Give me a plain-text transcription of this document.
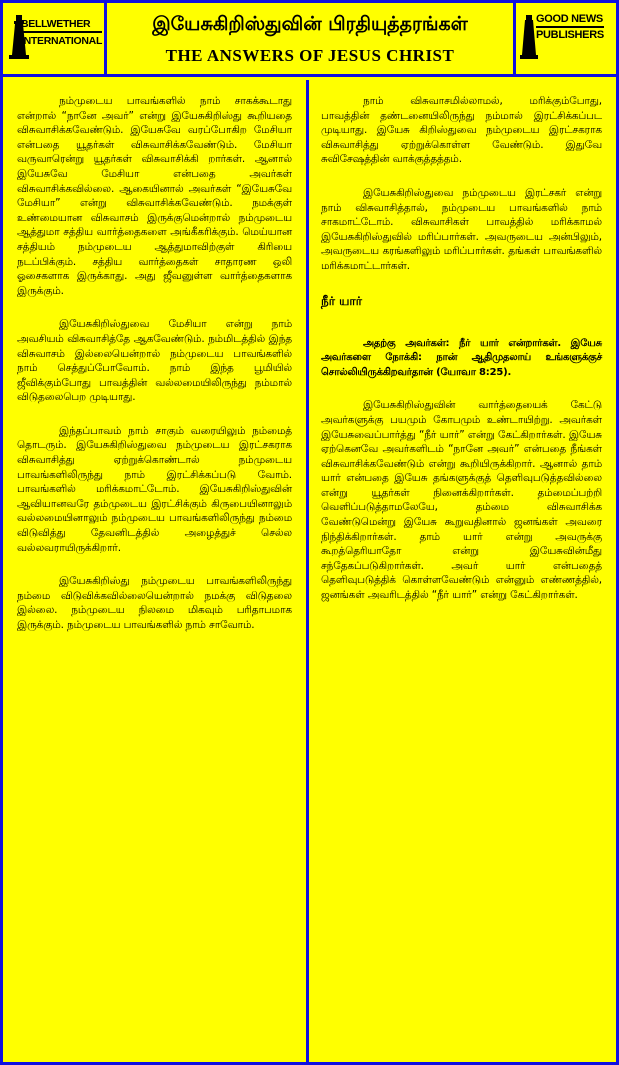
BELLWETHER
INTERNATIONAL
இயேசுகிறிஸ்துவின் பிரதியுத்தரங்கள்
THE ANSWERS OF JESUS CHRIST
GOOD NEWS
PUBLISHERS

நம்முடைய பாவங்களில் நாம் சாகக்கூடாது என்றால் “நானே அவர்” என்று இயேசுகிறிஸ்து கூறியதை விசுவாசிக்கவேண்டும். இயேசுவே வரப்போகிற மேசியா என்பதை யூதர்கள் விசுவாசிக்கவேண்டும். மேசியா வருவாரென்று யூதர்கள் விசுவாசிக்கி றார்கள். ஆனால் இயேசுவே மேசியா என்பதை அவர்கள் விசுவாசிக்கவில்லை. ஆகையினால் அவர்கள் “இயேசுவே மேசியா” என்று விசுவாசிக்கவேண்டும். நமக்குள் உண்மையான விசுவாசம் இருக்குமென்றால் நம்முடைய ஆத்துமா சத்திய வார்த்தைகளை அங்கீகரிக்கும். மெய்யான சத்தியம் நம்முடைய ஆத்துமாவிற்குள் கிரியை நடப்பிக்கும். சத்திய வார்த்தைகள் சாதாரண ஒலி ஓசைகளாக இருக்காது. அது ஜீவனுள்ள வார்த்தைகளாக இருக்கும்.

இயேசுகிறிஸ்துவை மேசியா என்று நாம் அவசியம் விசுவாசித்தே ஆகவேண்டும். நம்மிடத்தில் இந்த விசுவாசம் இல்லையென்றால் நம்முடைய பாவங்களில் நாம் செத்துப்போவோம். நாம் இந்த பூமியில் ஜீவிக்கும்போது பாவத்தின் வல்லமையிலிருந்து நம்மால் விடுதலைபெற முடியாது.

இந்தப்பாவம் நாம் சாகும் வரையிலும் நம்மைத் தொடரும். இயேசுகிறிஸ்துவை நம்முடைய இரட்சகராக விசுவாசித்து ஏற்றுக்கொண்டால் நம்முடைய பாவங்களிலிருந்து நாம் இரட்சிக்கப்படு வோம். பாவங்களில் மரிக்கமாட்டோம். இயேசுகிறிஸ்துவின் ஆவியானவரே தம்முடைய இரட்சிக்கும் கிருபையினாலும் வல்லமையினாலும் நம்முடைய பாவங்களிலிருந்து நம்மை விடுவித்து தேவனிடத்தில் அழைத்துச் செல்ல வல்லவராயிருக்கிறார்.

இயேசுகிறிஸ்து நம்முடைய பாவங்களிலிருந்து நம்மை விடுவிக்கவில்லையென்றால் நமக்கு விடுதலை இல்லை. நம்முடைய நிலமை மிகவும் பரிதாபமாக இருக்கும். நம்முடைய பாவங்களில் நாம் சாவோம்.

நாம் விசுவாசமில்லாமல், மரிக்கும்போது, பாவத்தின் தண்டனையிலிருந்து நம்மால் இரட்சிக்கப்பட முடியாது. இயேசு கிறிஸ்துவை நம்முடைய இரட்சகராக விசுவாசித்து ஏற்றுக்கொள்ள வேண்டும். இதுவே சுவிசேஷத்தின் வாக்குத்தத்தம்.

இயேசுகிறிஸ்துவை நம்முடைய இரட்சகர் என்று நாம் விசுவாசித்தால், நம்முடைய பாவங்களில் நாம் சாகமாட்டோம். விசுவாசிகள் பாவத்தில் மரிக்காமல் இயேசுகிறிஸ்துவில் மரிப்பார்கள். அவருடைய அன்பிலும், அவருடைய கரங்களிலும் மரிப்பார்கள். தங்கள் பாவங்களில் மரிக்கமாட்டார்கள்.

நீர் யார்

அதற்கு அவர்கள்: நீர் யார் என்றார்கள். இயேசு அவர்களை நோக்கி: நான் ஆதிமுதலாய் உங்களுக்குச் சொல்லியிருக்கிறவர்தான் (யோவா 8:25).

இயேசுகிறிஸ்துவின் வார்த்தையைக் கேட்டு அவர்களுக்கு பயமும் கோபமும் உண்டாயிற்று. அவர்கள் இயேசுவைப்பார்த்து “நீர் யார்” என்று கேட்கிறார்கள். இயேசு ஏற்கெனவே அவர்களிடம் “நானே அவர்” என்பதை நீங்கள் விசுவாசிக்கவேண்டும் என்று கூறியிருக்கிறார். ஆனால் தாம் யார் என்பதை இயேசு தங்களுக்குத் தெளிவுபடுத்தவில்லை என்று யூதர்கள் நினைக்கிறார்கள். தம்மைப்பற்றி வெளிப்படுத்தாமலேயே, தம்மை விசுவாசிக்க வேண்டுமென்று இயேசு கூறுவதினால் ஜனங்கள் அவரை நிந்திக்கிறார்கள். தாம் யார் என்று அவருக்கு கூறத்தெரியாதோ என்று இயேசுவின்மீது சந்தேகப்படுகிறார்கள். அவர் யார் என்பதைத் தெளிவுபடுத்திக் கொள்ளவேண்டும் என்னும் எண்ணத்தில், ஜனங்கள் அவரிடத்தில் “நீர் யார்” என்று கேட்கிறார்கள்.
